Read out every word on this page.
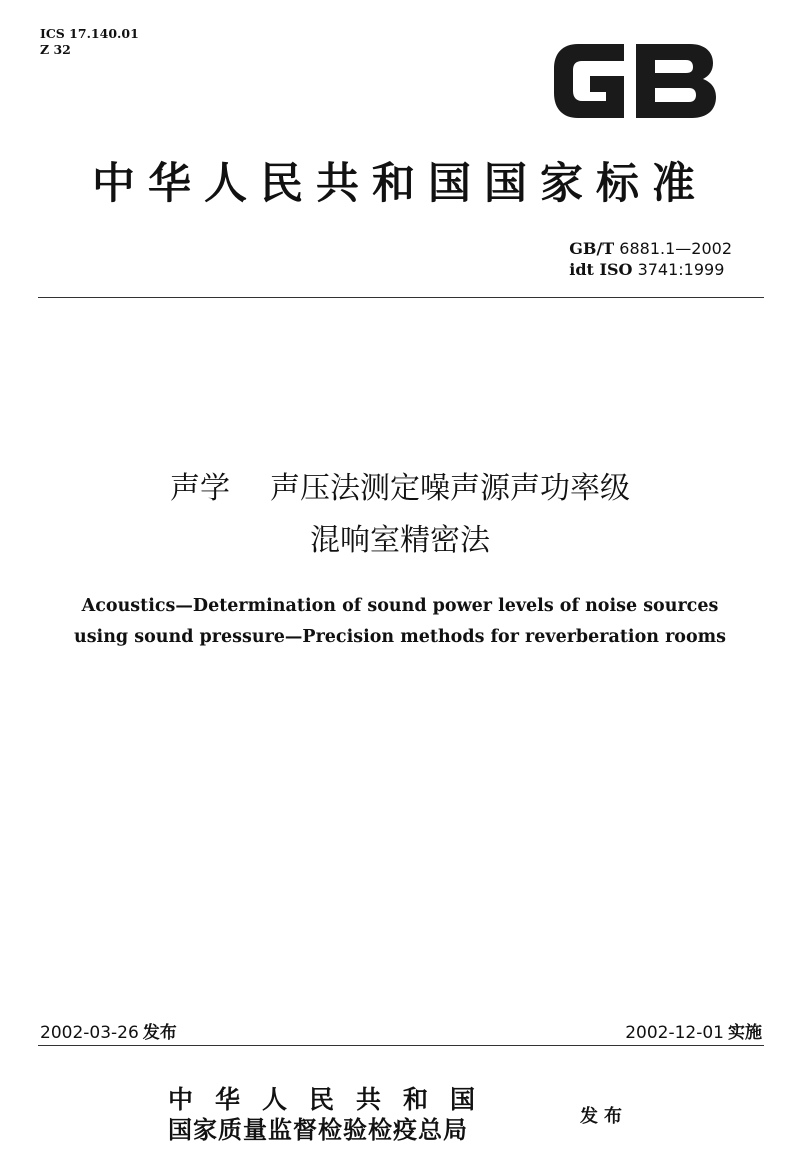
ICS 17.140.01
Z 32
中华人民共和国国家标准
GB/T 6881.1—2002
idt ISO 3741:1999
声学 声压法测定噪声源声功率级
混响室精密法
Acoustics—Determination of sound power levels of noise sources
using sound pressure—Precision methods for reverberation rooms
2002-03-26 发布	2002-12-01 实施
中华人民共和国
国家质量监督检验检疫总局	发布
